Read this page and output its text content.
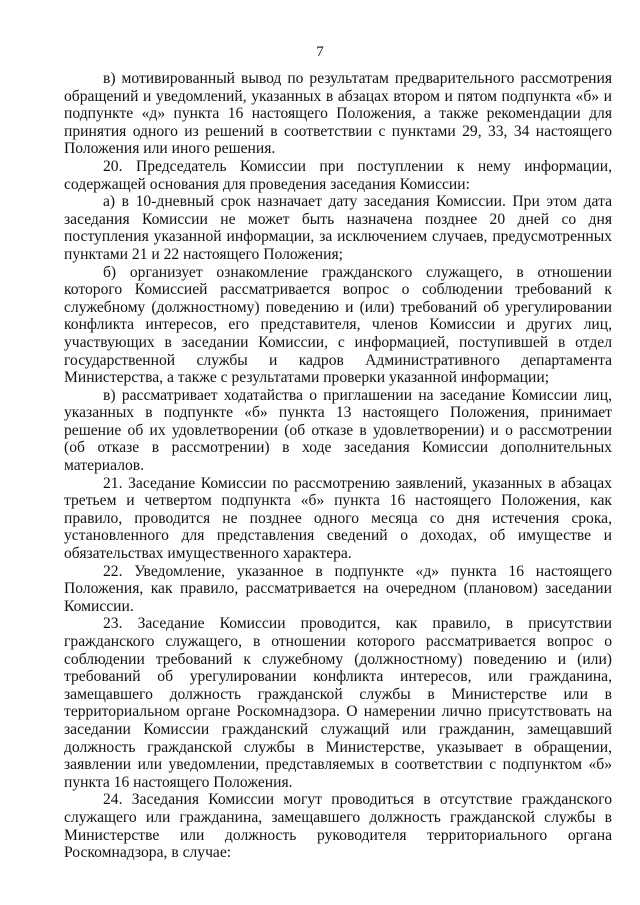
7

в) мотивированный вывод по результатам предварительного рассмотрения обращений и уведомлений, указанных в абзацах втором и пятом подпункта «б» и подпункте «д» пункта 16 настоящего Положения, а также рекомендации для принятия одного из решений в соответствии с пунктами 29, 33, 34 настоящего Положения или иного решения.

20. Председатель Комиссии при поступлении к нему информации, содержащей основания для проведения заседания Комиссии:

а) в 10-дневный срок назначает дату заседания Комиссии. При этом дата заседания Комиссии не может быть назначена позднее 20 дней со дня поступления указанной информации, за исключением случаев, предусмотренных пунктами 21 и 22 настоящего Положения;

б) организует ознакомление гражданского служащего, в отношении которого Комиссией рассматривается вопрос о соблюдении требований к служебному (должностному) поведению и (или) требований об урегулировании конфликта интересов, его представителя, членов Комиссии и других лиц, участвующих в заседании Комиссии, с информацией, поступившей в отдел государственной службы и кадров Административного департамента Министерства, а также с результатами проверки указанной информации;

в) рассматривает ходатайства о приглашении на заседание Комиссии лиц, указанных в подпункте «б» пункта 13 настоящего Положения, принимает решение об их удовлетворении (об отказе в удовлетворении) и о рассмотрении (об отказе в рассмотрении) в ходе заседания Комиссии дополнительных материалов.

21. Заседание Комиссии по рассмотрению заявлений, указанных в абзацах третьем и четвертом подпункта «б» пункта 16 настоящего Положения, как правило, проводится не позднее одного месяца со дня истечения срока, установленного для представления сведений о доходах, об имуществе и обязательствах имущественного характера.

22. Уведомление, указанное в подпункте «д» пункта 16 настоящего Положения, как правило, рассматривается на очередном (плановом) заседании Комиссии.

23. Заседание Комиссии проводится, как правило, в присутствии гражданского служащего, в отношении которого рассматривается вопрос о соблюдении требований к служебному (должностному) поведению и (или) требований об урегулировании конфликта интересов, или гражданина, замещавшего должность гражданской службы в Министерстве или в территориальном органе Роскомнадзора. О намерении лично присутствовать на заседании Комиссии гражданский служащий или гражданин, замещавший должность гражданской службы в Министерстве, указывает в обращении, заявлении или уведомлении, представляемых в соответствии с подпунктом «б» пункта 16 настоящего Положения.

24. Заседания Комиссии могут проводиться в отсутствие гражданского служащего или гражданина, замещавшего должность гражданской службы в Министерстве или должность руководителя территориального органа Роскомнадзора, в случае:
